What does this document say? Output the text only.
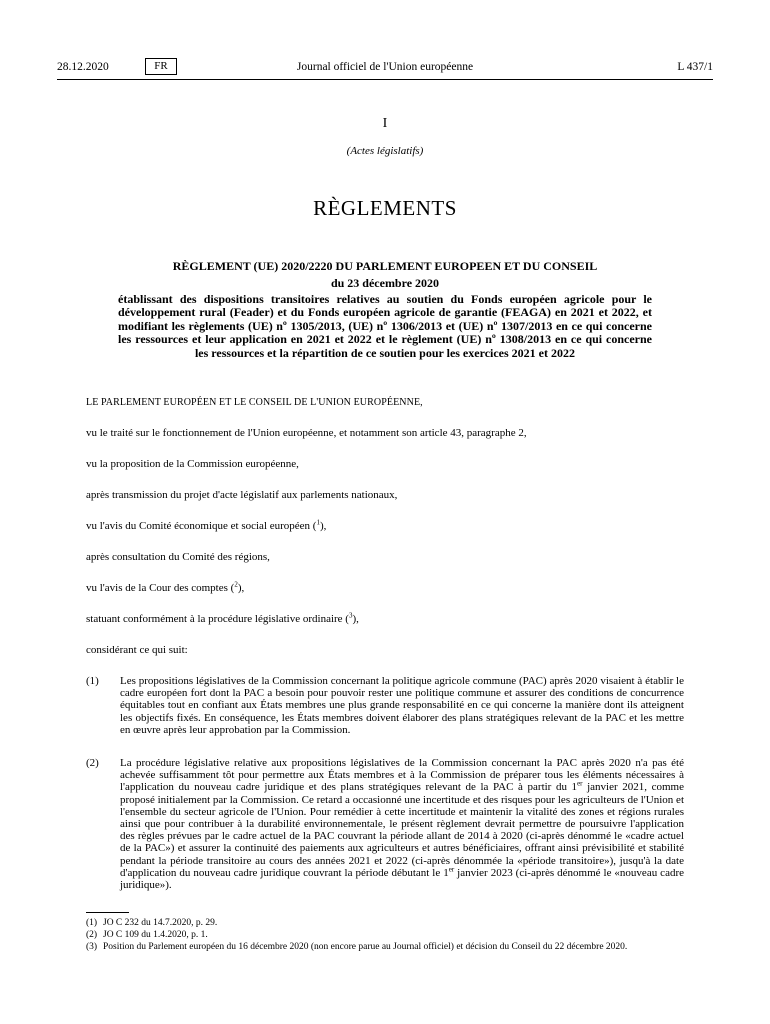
28.12.2020	FR	Journal officiel de l'Union européenne	L 437/1
I
(Actes législatifs)
RÈGLEMENTS
RÈGLEMENT (UE) 2020/2220 DU PARLEMENT EUROPEEN ET DU CONSEIL
du 23 décembre 2020
établissant des dispositions transitoires relatives au soutien du Fonds européen agricole pour le développement rural (Feader) et du Fonds européen agricole de garantie (FEAGA) en 2021 et 2022, et modifiant les règlements (UE) nº 1305/2013, (UE) nº 1306/2013 et (UE) nº 1307/2013 en ce qui concerne les ressources et leur application en 2021 et 2022 et le règlement (UE) nº 1308/2013 en ce qui concerne les ressources et la répartition de ce soutien pour les exercices 2021 et 2022
LE PARLEMENT EUROPÉEN ET LE CONSEIL DE L'UNION EUROPÉENNE,
vu le traité sur le fonctionnement de l'Union européenne, et notamment son article 43, paragraphe 2,
vu la proposition de la Commission européenne,
après transmission du projet d'acte législatif aux parlements nationaux,
vu l'avis du Comité économique et social européen ($^1$),
après consultation du Comité des régions,
vu l'avis de la Cour des comptes ($^2$),
statuant conformément à la procédure législative ordinaire ($^3$),
considérant ce qui suit:
(1) Les propositions législatives de la Commission concernant la politique agricole commune (PAC) après 2020 visaient à établir le cadre européen fort dont la PAC a besoin pour pouvoir rester une politique commune et assurer des conditions de concurrence équitables tout en confiant aux États membres une plus grande responsabilité en ce qui concerne la manière dont ils atteignent les objectifs fixés. En conséquence, les États membres doivent élaborer des plans stratégiques relevant de la PAC et les mettre en œuvre après leur approbation par la Commission.
(2) La procédure législative relative aux propositions législatives de la Commission concernant la PAC après 2020 n'a pas été achevée suffisamment tôt pour permettre aux États membres et à la Commission de préparer tous les éléments nécessaires à l'application du nouveau cadre juridique et des plans stratégiques relevant de la PAC à partir du 1er janvier 2021, comme proposé initialement par la Commission. Ce retard a occasionné une incertitude et des risques pour les agriculteurs de l'Union et l'ensemble du secteur agricole de l'Union. Pour remédier à cette incertitude et maintenir la vitalité des zones et régions rurales ainsi que pour contribuer à la durabilité environnementale, le présent règlement devrait permettre de poursuivre l'application des règles prévues par le cadre actuel de la PAC couvrant la période allant de 2014 à 2020 (ci-après dénommé le «cadre actuel de la PAC») et assurer la continuité des paiements aux agriculteurs et autres bénéficiaires, offrant ainsi prévisibilité et stabilité pendant la période transitoire au cours des années 2021 et 2022 (ci-après dénommée la «période transitoire»), jusqu'à la date d'application du nouveau cadre juridique couvrant la période débutant le 1er janvier 2023 (ci-après dénommé le «nouveau cadre juridique»).
(1) JO C 232 du 14.7.2020, p. 29.
(2) JO C 109 du 1.4.2020, p. 1.
(3) Position du Parlement européen du 16 décembre 2020 (non encore parue au Journal officiel) et décision du Conseil du 22 décembre 2020.
